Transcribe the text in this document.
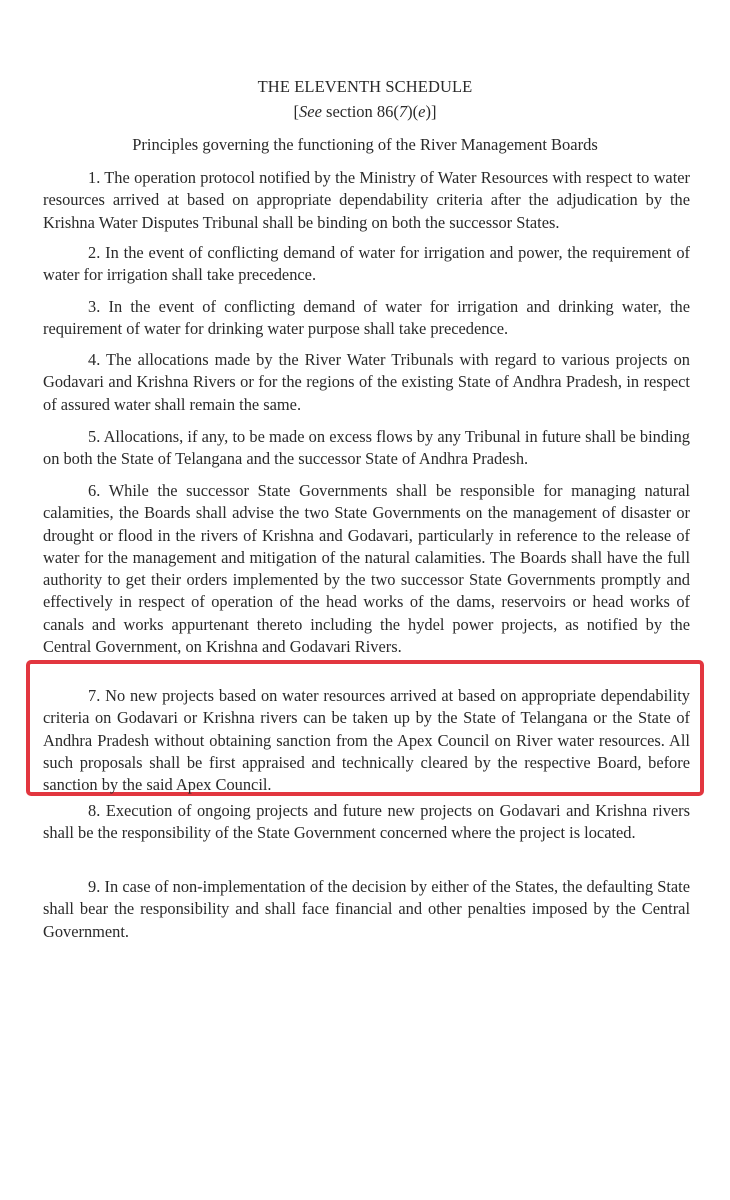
THE ELEVENTH SCHEDULE
[See section 86(7)(e)]
Principles governing the functioning of the River Management Boards
1. The operation protocol notified by the Ministry of Water Resources with respect to water resources arrived at based on appropriate dependability criteria after the adjudication by the Krishna Water Disputes Tribunal shall be binding on both the successor States.
2. In the event of conflicting demand of water for irrigation and power, the requirement of water for irrigation shall take precedence.
3. In the event of conflicting demand of water for irrigation and drinking water, the requirement of water for drinking water purpose shall take precedence.
4. The allocations made by the River Water Tribunals with regard to various projects on Godavari and Krishna Rivers or for the regions of the existing State of Andhra Pradesh, in respect of assured water shall remain the same.
5. Allocations, if any, to be made on excess flows by any Tribunal in future shall be binding on both the State of Telangana and the successor State of Andhra Pradesh.
6. While the successor State Governments shall be responsible for managing natural calamities, the Boards shall advise the two State Governments on the management of disaster or drought or flood in the rivers of Krishna and Godavari, particularly in reference to the release of water for the management and mitigation of the natural calamities. The Boards shall have the full authority to get their orders implemented by the two successor State Governments promptly and effectively in respect of operation of the head works of the dams, reservoirs or head works of canals and works appurtenant thereto including the hydel power projects, as notified by the Central Government, on Krishna and Godavari Rivers.
7. No new projects based on water resources arrived at based on appropriate dependability criteria on Godavari or Krishna rivers can be taken up by the State of Telangana or the State of Andhra Pradesh without obtaining sanction from the Apex Council on River water resources. All such proposals shall be first appraised and technically cleared by the respective Board, before sanction by the said Apex Council.
8. Execution of ongoing projects and future new projects on Godavari and Krishna rivers shall be the responsibility of the State Government concerned where the project is located.
9. In case of non-implementation of the decision by either of the States, the defaulting State shall bear the responsibility and shall face financial and other penalties imposed by the Central Government.
